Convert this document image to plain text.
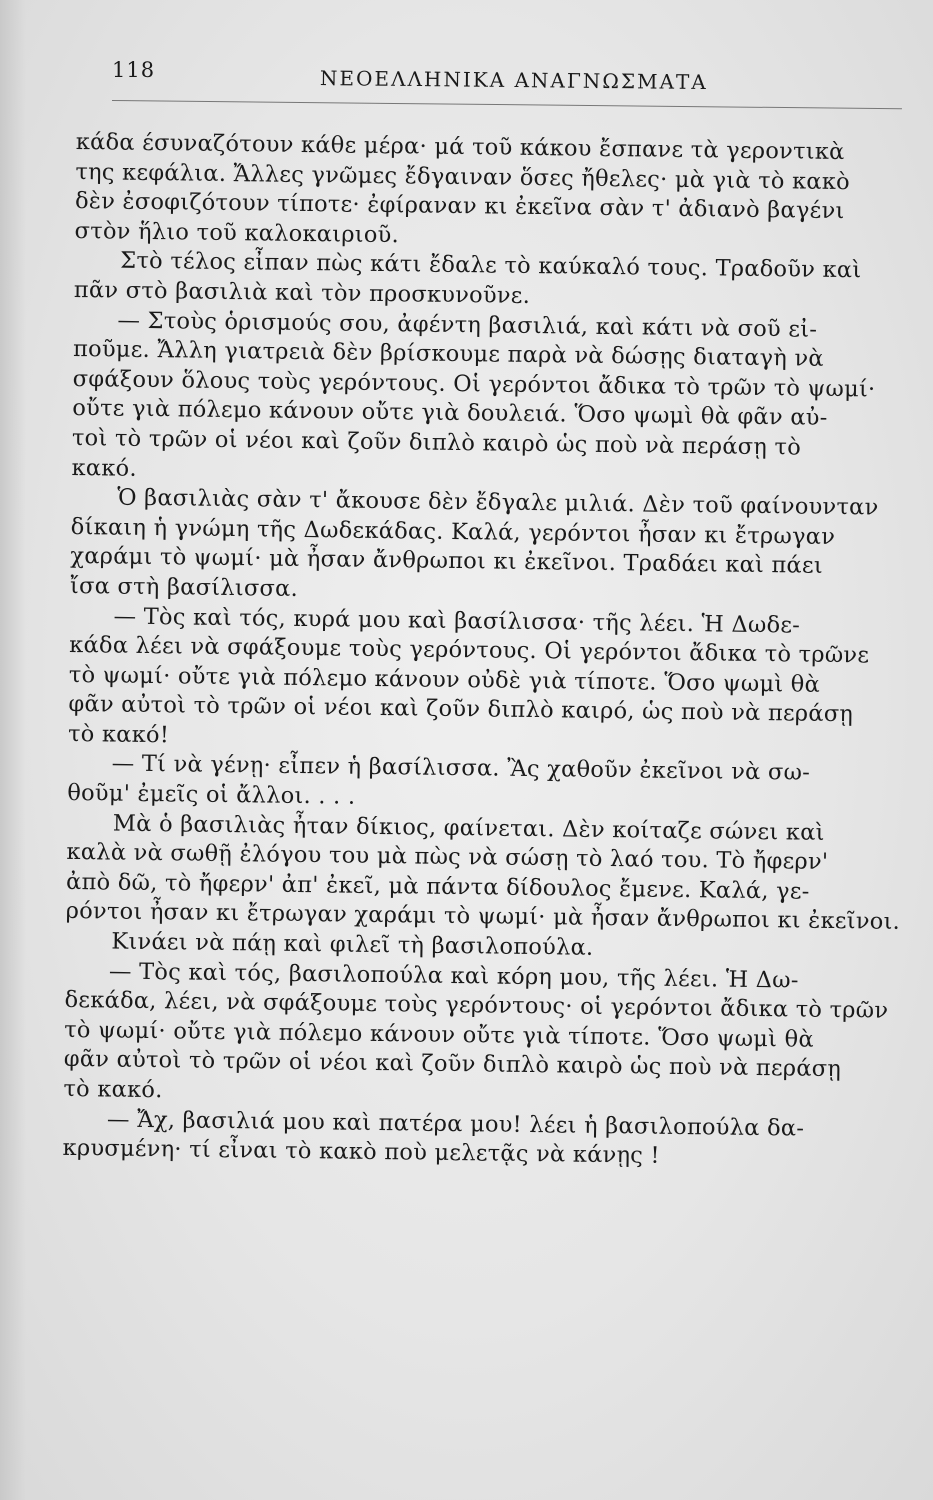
118	ΝΕΟΕΛΛΗΝΙΚΑ ΑΝΑΓΝΩΣΜΑΤΑ
κάδα έσυναζότουν κάθε μέρα· μά τοῦ κάκου ἔσπανε τὰ γεροντικὰ
της κεφάλια. Ἄλλες γνῶμες ἔδγαιναν ὅσες ἤθελες· μὰ γιὰ τὸ κακὸ
δὲν ἐσοφιζότουν τίποτε· ἐφίραναν κι ἐκεῖνα σὰν τ' ἀδιανὸ βαγένι
στὸν ἥλιο τοῦ καλοκαιριοῦ.
Στὸ τέλος εἶπαν πὼς κάτι ἔδαλε τὸ καύκαλό τους. Τραδοῦν καὶ
πᾶν στὸ βασιλιὰ καὶ τὸν προσκυνοῦνε.
— Στοὺς ὁρισμούς σου, ἀφέντη βασιλιά, καὶ κάτι νὰ σοῦ εἰ-
ποῦμε. Ἄλλη γιατρειὰ δὲν βρίσκουμε παρὰ νὰ δώσῃς διαταγὴ νὰ
σφάξουν ὅλους τοὺς γερόντους. Οἱ γερόντοι ἄδικα τὸ τρῶν τὸ ψωμί·
οὔτε γιὰ πόλεμο κάνουν οὔτε γιὰ δουλειά. Ὅσο ψωμὶ θὰ φᾶν αὐ-
τοὶ τὸ τρῶν οἱ νέοι καὶ ζοῦν διπλὸ καιρὸ ὡς ποὺ νὰ περάσῃ τὸ
κακό.
Ὁ βασιλιὰς σὰν τ' ἄκουσε δὲν ἔδγαλε μιλιά. Δὲν τοῦ φαίνουνταν
δίκαιη ἡ γνώμη τῆς Δωδεκάδας. Καλά, γερόντοι ἦσαν κι ἔτρωγαν
χαράμι τὸ ψωμί· μὰ ἦσαν ἄνθρωποι κι ἐκεῖνοι. Τραδάει καὶ πάει
ἴσα στὴ βασίλισσα.
— Τὸς καὶ τός, κυρά μου καὶ βασίλισσα· τῆς λέει. Ἡ Δωδε-
κάδα λέει νὰ σφάξουμε τοὺς γερόντους. Οἱ γερόντοι ἄδικα τὸ τρῶνε
τὸ ψωμί· οὔτε γιὰ πόλεμο κάνουν οὐδὲ γιὰ τίποτε. Ὅσο ψωμὶ θὰ
φᾶν αὐτοὶ τὸ τρῶν οἱ νέοι καὶ ζοῦν διπλὸ καιρό, ὡς ποὺ νὰ περάσῃ
τὸ κακό!
— Τί νὰ γένῃ· εἶπεν ἡ βασίλισσα. Ἂς χαθοῦν ἐκεῖνοι νὰ σω-
θοῦμ' ἐμεῖς οἱ ἄλλοι. . . .
Μὰ ὁ βασιλιὰς ἦταν δίκιος, φαίνεται. Δὲν κοίταζε σώνει καὶ
καλὰ νὰ σωθῇ ἐλόγου του μὰ πὼς νὰ σώσῃ τὸ λαό του. Τὸ ἤφερν'
ἀπὸ δῶ, τὸ ἤφερν' ἀπ' ἐκεῖ, μὰ πάντα δίδουλος ἔμενε. Καλά, γε-
ρόντοι ἦσαν κι ἔτρωγαν χαράμι τὸ ψωμί· μὰ ἦσαν ἄνθρωποι κι ἐκεῖνοι.
Κινάει νὰ πάῃ καὶ φιλεῖ τὴ βασιλοπούλα.
— Τὸς καὶ τός, βασιλοπούλα καὶ κόρη μου, τῆς λέει. Ἡ Δω-
δεκάδα, λέει, νὰ σφάξουμε τοὺς γερόντους· οἱ γερόντοι ἄδικα τὸ τρῶν
τὸ ψωμί· οὔτε γιὰ πόλεμο κάνουν οὔτε γιὰ τίποτε. Ὅσο ψωμὶ θὰ
φᾶν αὐτοὶ τὸ τρῶν οἱ νέοι καὶ ζοῦν διπλὸ καιρὸ ὡς ποὺ νὰ περάσῃ
τὸ κακό.
— Ἄχ, βασιλιά μου καὶ πατέρα μου! λέει ἡ βασιλοπούλα δα-
κρυσμένη· τί εἶναι τὸ κακὸ ποὺ μελετᾷς νὰ κάνῃς !
